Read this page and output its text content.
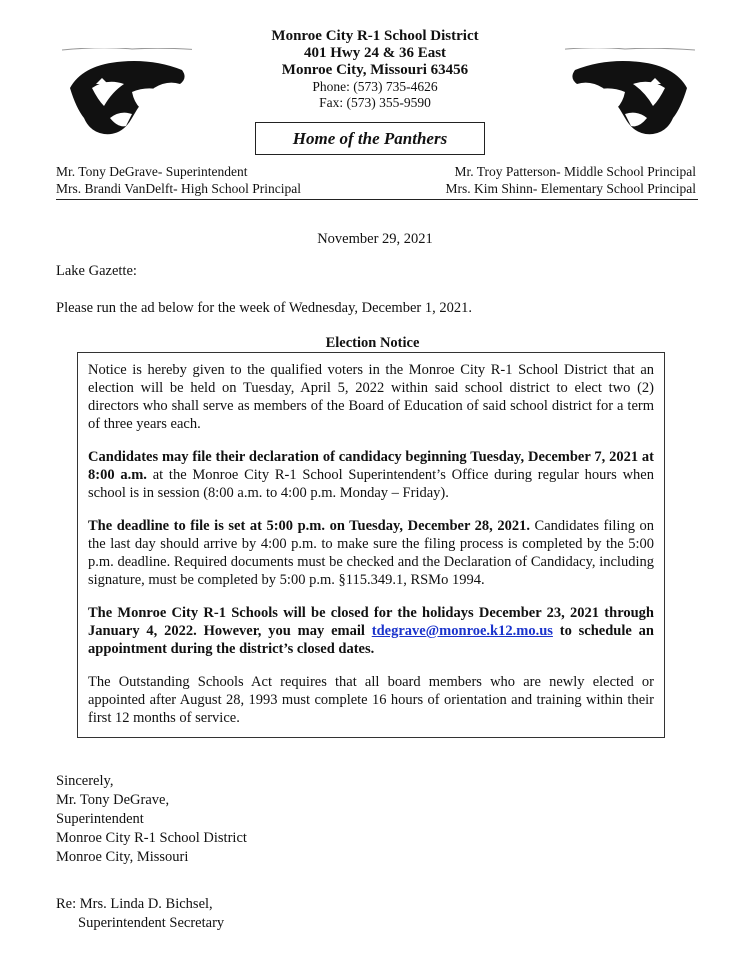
Monroe City R-1 School District
401 Hwy 24 & 36 East
Monroe City, Missouri 63456
Phone: (573) 735-4626
Fax: (573) 355-9590
Home of the Panthers
Mr. Tony DeGrave- Superintendent
Mrs. Brandi VanDelft- High School Principal
Mr. Troy Patterson- Middle School Principal
Mrs. Kim Shinn- Elementary School Principal
November 29, 2021
Lake Gazette:
Please run the ad below for the week of Wednesday, December 1, 2021.
Election Notice

Notice is hereby given to the qualified voters in the Monroe City R-1 School District that an election will be held on Tuesday, April 5, 2022 within said school district to elect two (2) directors who shall serve as members of the Board of Education of said school district for a term of three years each.

Candidates may file their declaration of candidacy beginning Tuesday, December 7, 2021 at 8:00 a.m. at the Monroe City R-1 School Superintendent’s Office during regular hours when school is in session (8:00 a.m. to 4:00 p.m. Monday – Friday).

The deadline to file is set at 5:00 p.m. on Tuesday, December 28, 2021. Candidates filing on the last day should arrive by 4:00 p.m. to make sure the filing process is completed by the 5:00 p.m. deadline. Required documents must be checked and the Declaration of Candidacy, including signature, must be completed by 5:00 p.m. §115.349.1, RSMo 1994.

The Monroe City R-1 Schools will be closed for the holidays December 23, 2021 through January 4, 2022. However, you may email tdegrave@monroe.k12.mo.us to schedule an appointment during the district’s closed dates.

The Outstanding Schools Act requires that all board members who are newly elected or appointed after August 28, 1993 must complete 16 hours of orientation and training within their first 12 months of service.

Sincerely,
Mr. Tony DeGrave,
Superintendent
Monroe City R-1 School District
Monroe City, Missouri
Re: Mrs. Linda D. Bichsel,
Superintendent Secretary
